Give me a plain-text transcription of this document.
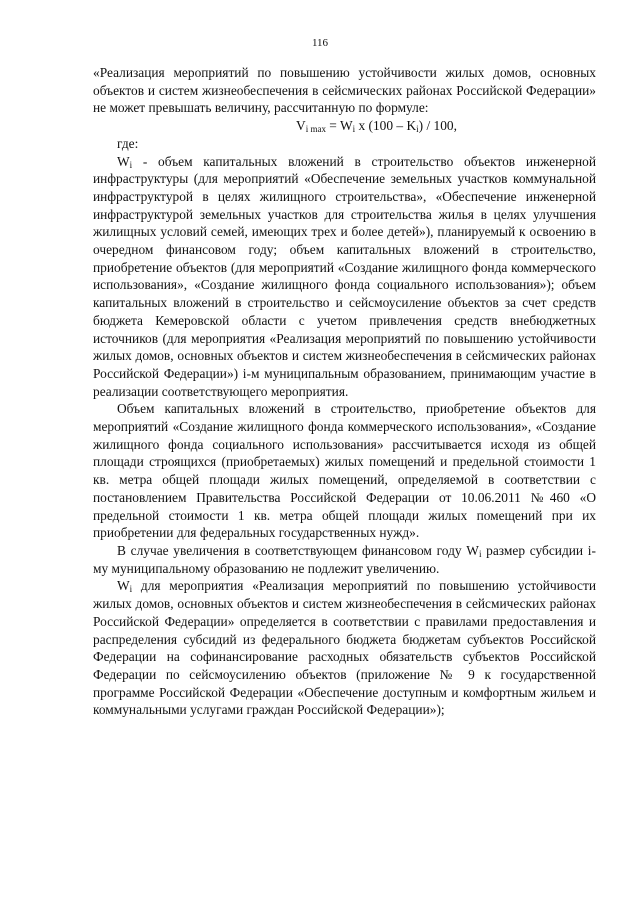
116

«Реализация мероприятий по повышению устойчивости жилых домов, основных объектов и систем жизнеобеспечения в сейсмических районах Российской Федерации» не может превышать величину, рассчитанную по формуле:

$V_{i max} = W_i$ x $(100 - K_i) / 100$,

где:

$W_i$ - объем капитальных вложений в строительство объектов инженерной инфраструктуры (для мероприятий «Обеспечение земельных участков коммунальной инфраструктурой в целях жилищного строительства», «Обеспечение инженерной инфраструктурой земельных участков для строительства жилья в целях улучшения жилищных условий семей, имеющих трех и более детей»), планируемый к освоению в очередном финансовом году; объем капитальных вложений в строительство, приобретение объектов (для мероприятий «Создание жилищного фонда коммерческого использования», «Создание жилищного фонда социального использования»); объем капитальных вложений в строительство и сейсмоусиление объектов за счет средств бюджета Кемеровской области с учетом привлечения средств внебюджетных источников (для мероприятия «Реализация мероприятий по повышению устойчивости жилых домов, основных объектов и систем жизнеобеспечения в сейсмических районах Российской Федерации») i-м муниципальным образованием, принимающим участие в реализации соответствующего мероприятия.

Объем капитальных вложений в строительство, приобретение объектов для мероприятий «Создание жилищного фонда коммерческого использования», «Создание жилищного фонда социального использования» рассчитывается исходя из общей площади строящихся (приобретаемых) жилых помещений и предельной стоимости 1 кв. метра общей площади жилых помещений, определяемой в соответствии с постановлением Правительства Российской Федерации от 10.06.2011 №460 «О предельной стоимости 1 кв. метра общей площади жилых помещений при их приобретении для федеральных государственных нужд».

В случае увеличения в соответствующем финансовом году $W_i$ размер субсидии i-му муниципальному образованию не подлежит увеличению.

$W_i$ для мероприятия «Реализация мероприятий по повышению устойчивости жилых домов, основных объектов и систем жизнеобеспечения в сейсмических районах Российской Федерации» определяется в соответствии с правилами предоставления и распределения субсидий из федерального бюджета бюджетам субъектов Российской Федерации на софинансирование расходных обязательств субъектов Российской Федерации по сейсмоусилению объектов (приложение № 9 к государственной программе Российской Федерации «Обеспечение доступным и комфортным жильем и коммунальными услугами граждан Российской Федерации»);
